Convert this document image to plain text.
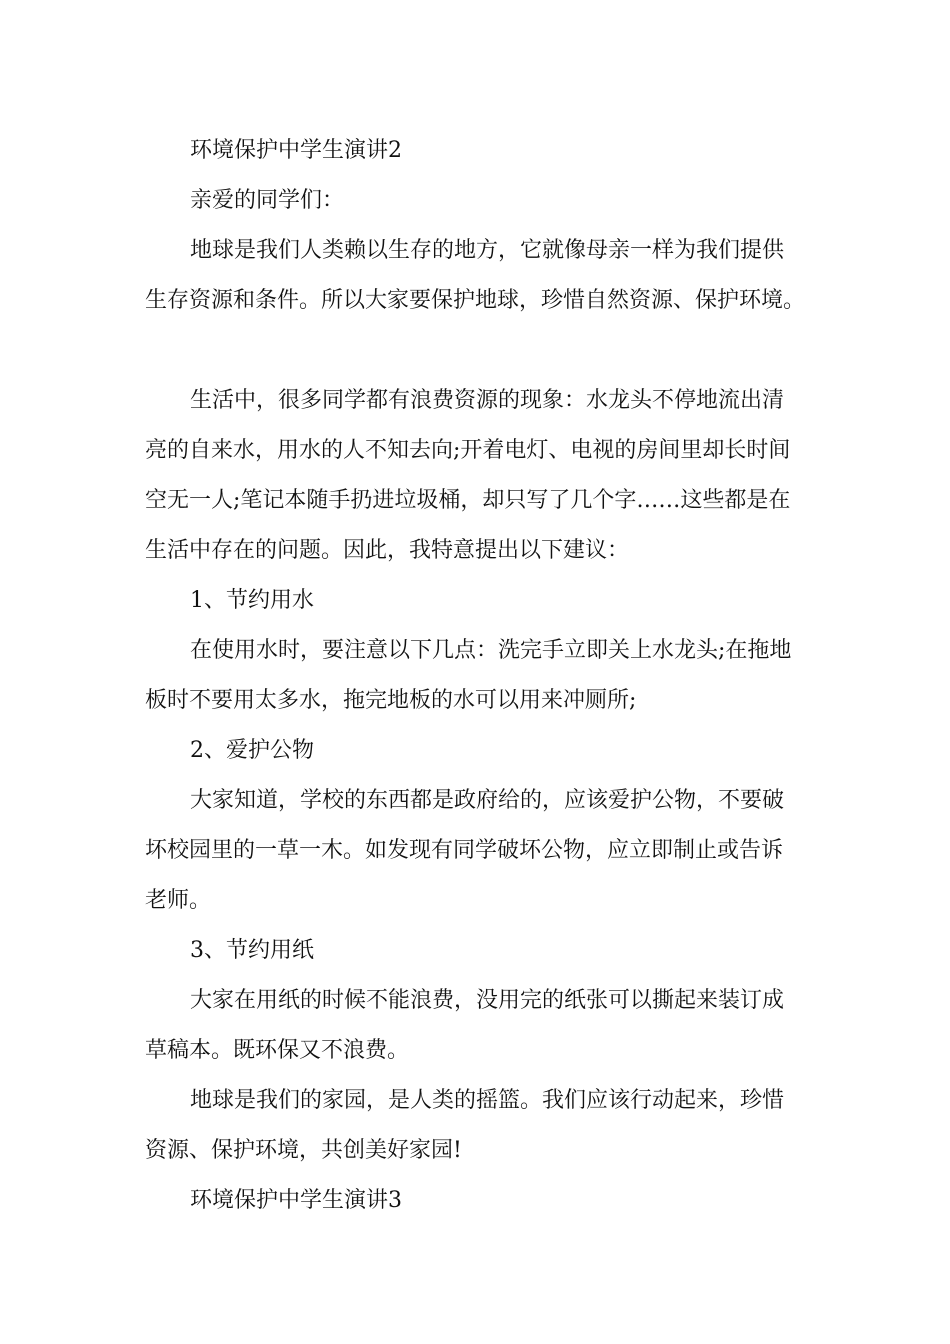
环境保护中学生演讲2
亲爱的同学们：
地球是我们人类赖以生存的地方，它就像母亲一样为我们提供
生存资源和条件。所以大家要保护地球，珍惜自然资源、保护环境。
生活中，很多同学都有浪费资源的现象：水龙头不停地流出清
亮的自来水，用水的人不知去向;开着电灯、电视的房间里却长时间
空无一人;笔记本随手扔进垃圾桶，却只写了几个字……这些都是在
生活中存在的问题。因此，我特意提出以下建议：
1、节约用水
在使用水时，要注意以下几点：洗完手立即关上水龙头;在拖地
板时不要用太多水，拖完地板的水可以用来冲厕所;
2、爱护公物
大家知道，学校的东西都是政府给的，应该爱护公物，不要破
坏校园里的一草一木。如发现有同学破坏公物，应立即制止或告诉
老师。
3、节约用纸
大家在用纸的时候不能浪费，没用完的纸张可以撕起来装订成
草稿本。既环保又不浪费。
地球是我们的家园，是人类的摇篮。我们应该行动起来，珍惜
资源、保护环境，共创美好家园!
环境保护中学生演讲3
